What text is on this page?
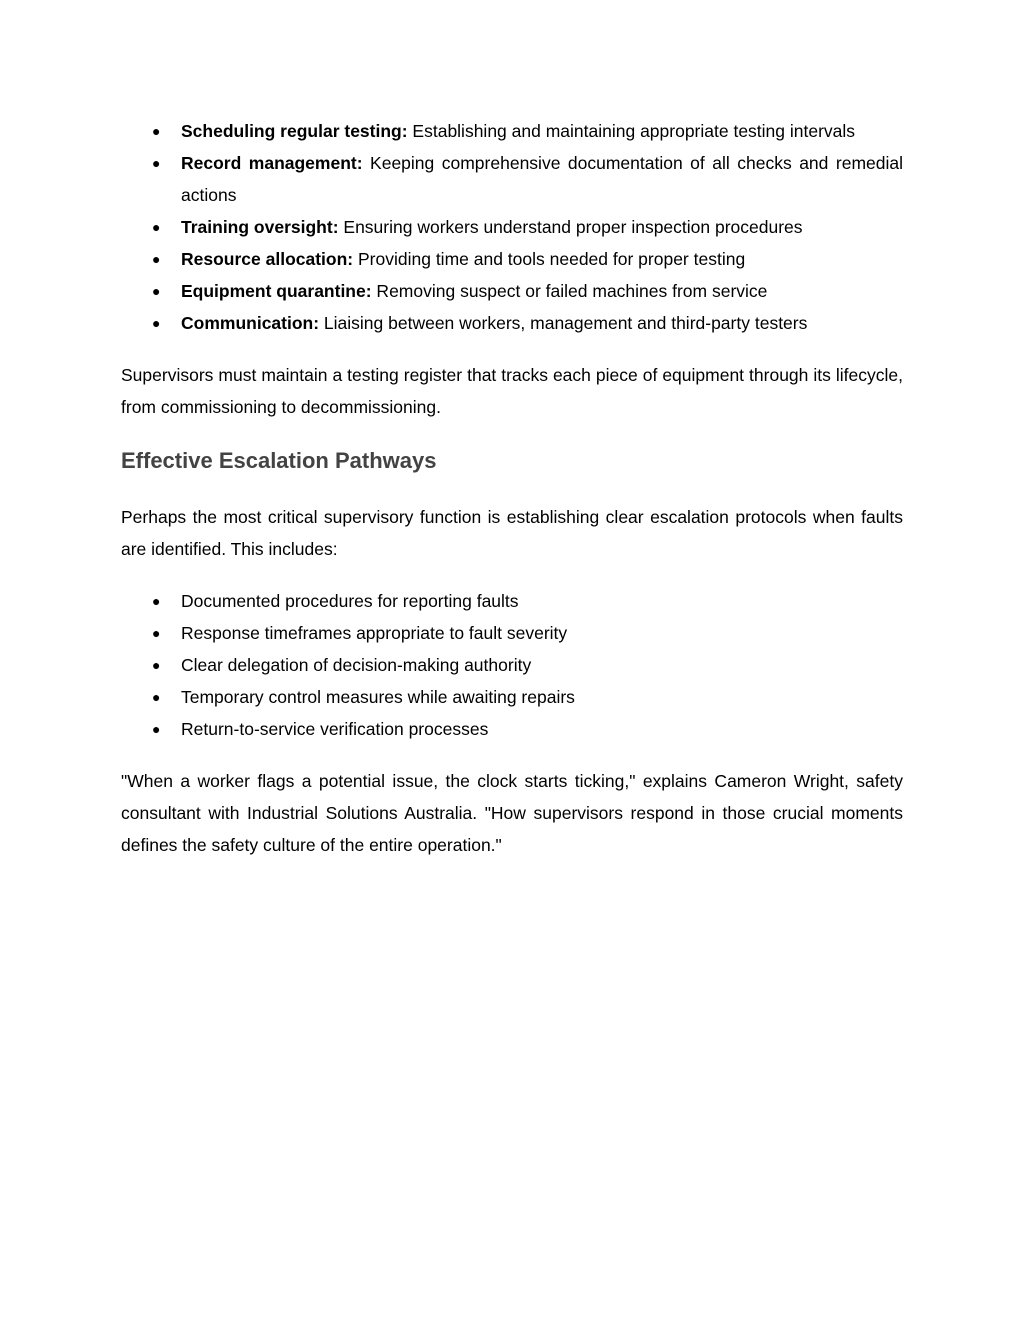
● Scheduling regular testing: Establishing and maintaining appropriate testing intervals
● Record management: Keeping comprehensive documentation of all checks and remedial actions
● Training oversight: Ensuring workers understand proper inspection procedures
● Resource allocation: Providing time and tools needed for proper testing
● Equipment quarantine: Removing suspect or failed machines from service
● Communication: Liaising between workers, management and third-party testers

Supervisors must maintain a testing register that tracks each piece of equipment through its lifecycle, from commissioning to decommissioning.

Effective Escalation Pathways

Perhaps the most critical supervisory function is establishing clear escalation protocols when faults are identified. This includes:

● Documented procedures for reporting faults
● Response timeframes appropriate to fault severity
● Clear delegation of decision-making authority
● Temporary control measures while awaiting repairs
● Return-to-service verification processes

"When a worker flags a potential issue, the clock starts ticking," explains Cameron Wright, safety consultant with Industrial Solutions Australia. "How supervisors respond in those crucial moments defines the safety culture of the entire operation."
